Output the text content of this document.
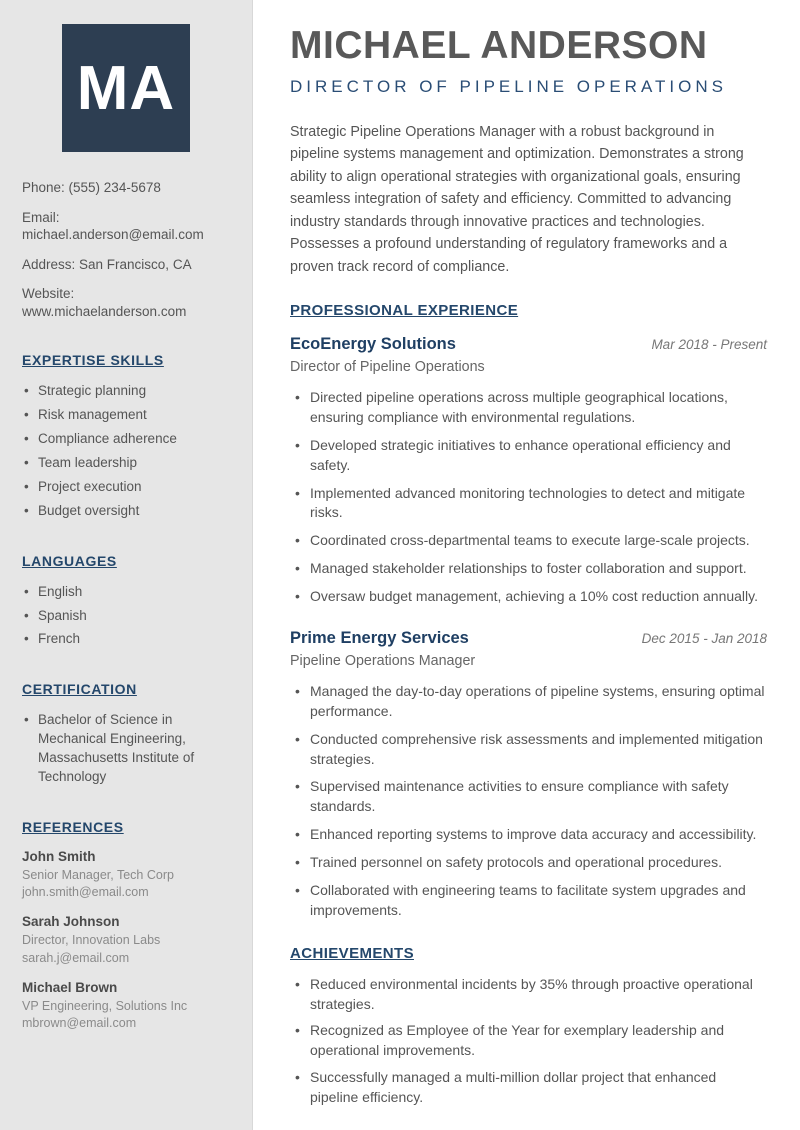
MA

Phone: (555) 234-5678

Email: michael.anderson@email.com

Address: San Francisco, CA

Website: www.michaelanderson.com

EXPERTISE SKILLS
• Strategic planning
• Risk management
• Compliance adherence
• Team leadership
• Project execution
• Budget oversight
LANGUAGES
• English
• Spanish
• French
CERTIFICATION
• Bachelor of Science in Mechanical Engineering, Massachusetts Institute of Technology
REFERENCES
John Smith
Senior Manager, Tech Corp
john.smith@email.com
Sarah Johnson
Director, Innovation Labs
sarah.j@email.com
Michael Brown
VP Engineering, Solutions Inc
mbrown@email.com
MICHAEL ANDERSON
DIRECTOR OF PIPELINE OPERATIONS

Strategic Pipeline Operations Manager with a robust background in pipeline systems management and optimization. Demonstrates a strong ability to align operational strategies with organizational goals, ensuring seamless integration of safety and efficiency. Committed to advancing industry standards through innovative practices and technologies. Possesses a profound understanding of regulatory frameworks and a proven track record of compliance.

PROFESSIONAL EXPERIENCE
EcoEnergy Solutions	Mar 2018 - Present
Director of Pipeline Operations
• Directed pipeline operations across multiple geographical locations, ensuring compliance with environmental regulations.
• Developed strategic initiatives to enhance operational efficiency and safety.
• Implemented advanced monitoring technologies to detect and mitigate risks.
• Coordinated cross-departmental teams to execute large-scale projects.
• Managed stakeholder relationships to foster collaboration and support.
• Oversaw budget management, achieving a 10% cost reduction annually.
Prime Energy Services	Dec 2015 - Jan 2018
Pipeline Operations Manager
• Managed the day-to-day operations of pipeline systems, ensuring optimal performance.
• Conducted comprehensive risk assessments and implemented mitigation strategies.
• Supervised maintenance activities to ensure compliance with safety standards.
• Enhanced reporting systems to improve data accuracy and accessibility.
• Trained personnel on safety protocols and operational procedures.
• Collaborated with engineering teams to facilitate system upgrades and improvements.
ACHIEVEMENTS
• Reduced environmental incidents by 35% through proactive operational strategies.
• Recognized as Employee of the Year for exemplary leadership and operational improvements.
• Successfully managed a multi-million dollar project that enhanced pipeline efficiency.
